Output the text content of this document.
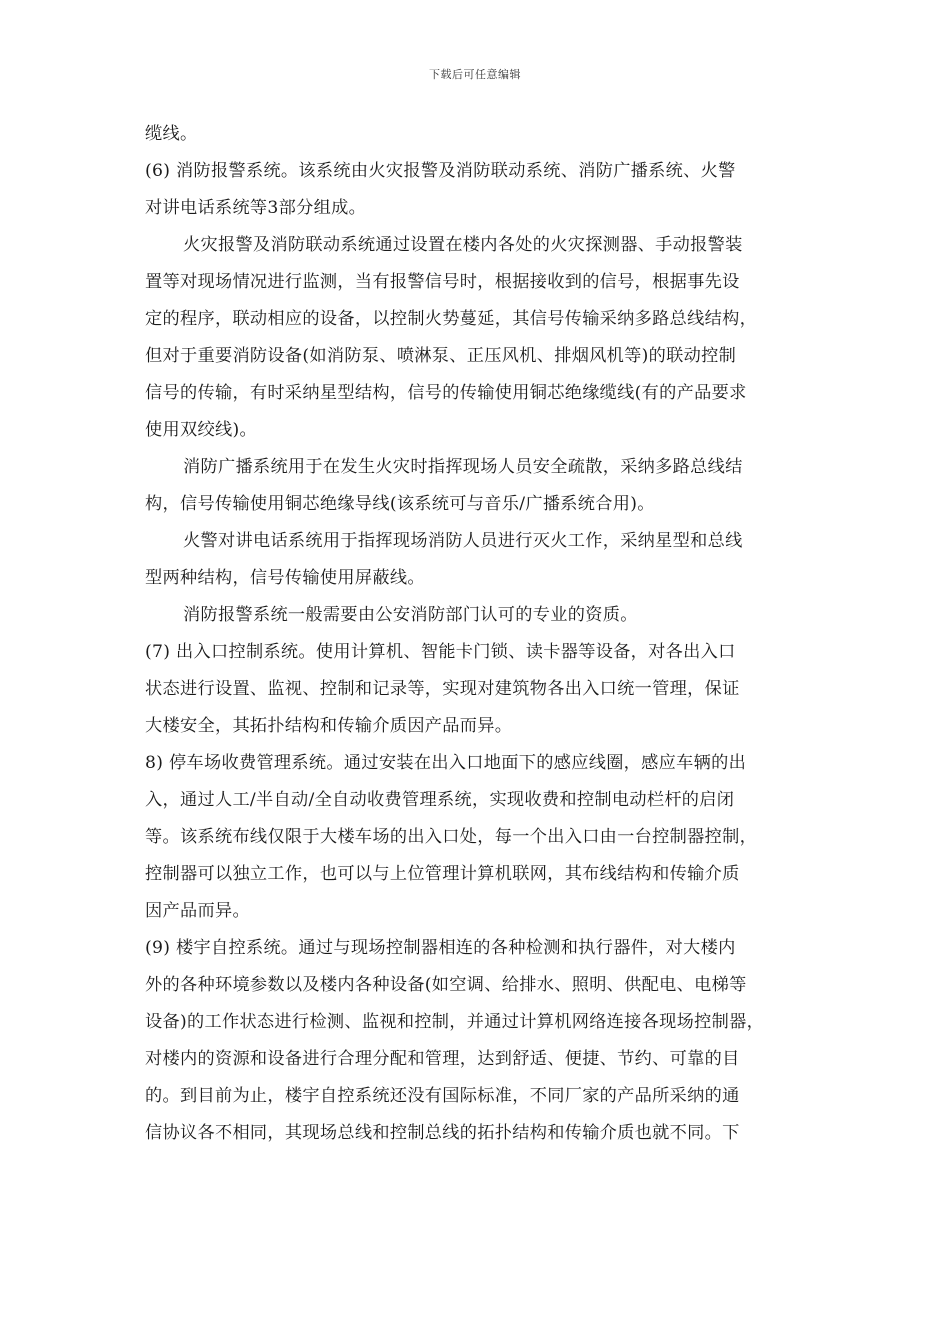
下载后可任意编辑
缆线。
(6) 消防报警系统。该系统由火灾报警及消防联动系统、消防广播系统、火警
对讲电话系统等3部分组成。
火灾报警及消防联动系统通过设置在楼内各处的火灾探测器、手动报警装
置等对现场情况进行监测，当有报警信号时，根据接收到的信号，根据事先设
定的程序，联动相应的设备，以控制火势蔓延，其信号传输采纳多路总线结构，
但对于重要消防设备(如消防泵、喷淋泵、正压风机、排烟风机等)的联动控制
信号的传输，有时采纳星型结构，信号的传输使用铜芯绝缘缆线(有的产品要求
使用双绞线)。
消防广播系统用于在发生火灾时指挥现场人员安全疏散，采纳多路总线结
构，信号传输使用铜芯绝缘导线(该系统可与音乐/广播系统合用)。
火警对讲电话系统用于指挥现场消防人员进行灭火工作，采纳星型和总线
型两种结构，信号传输使用屏蔽线。
消防报警系统一般需要由公安消防部门认可的专业的资质。
(7) 出入口控制系统。使用计算机、智能卡门锁、读卡器等设备，对各出入口
状态进行设置、监视、控制和记录等，实现对建筑物各出入口统一管理，保证
大楼安全，其拓扑结构和传输介质因产品而异。
8) 停车场收费管理系统。通过安装在出入口地面下的感应线圈，感应车辆的出
入，通过人工/半自动/全自动收费管理系统，实现收费和控制电动栏杆的启闭
等。该系统布线仅限于大楼车场的出入口处，每一个出入口由一台控制器控制，
控制器可以独立工作，也可以与上位管理计算机联网，其布线结构和传输介质
因产品而异。
(9) 楼宇自控系统。通过与现场控制器相连的各种检测和执行器件，对大楼内
外的各种环境参数以及楼内各种设备(如空调、给排水、照明、供配电、电梯等
设备)的工作状态进行检测、监视和控制，并通过计算机网络连接各现场控制器，
对楼内的资源和设备进行合理分配和管理，达到舒适、便捷、节约、可靠的目
的。到目前为止，楼宇自控系统还没有国际标准，不同厂家的产品所采纳的通
信协议各不相同，其现场总线和控制总线的拓扑结构和传输介质也就不同。下
